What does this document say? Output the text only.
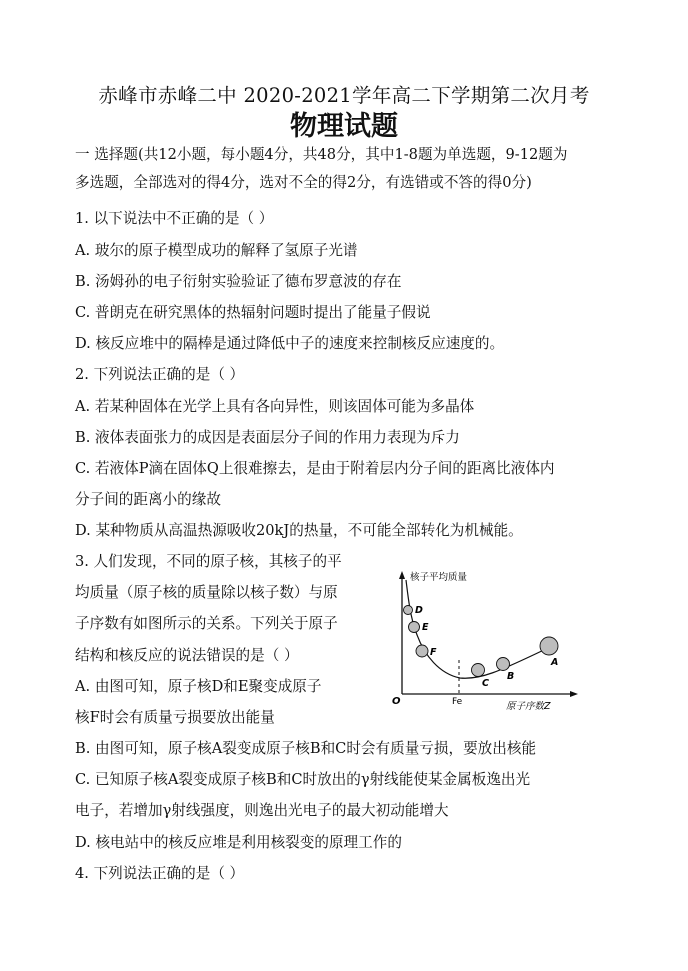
赤峰市赤峰二中 2020-2021学年高二下学期第二次月考
物理试题
一 选择题(共12小题，每小题4分，共48分，其中1-8题为单选题，9-12题为
多选题，全部选对的得4分，选对不全的得2分，有选错或不答的得0分)
1. 以下说法中不正确的是（ ）
A. 玻尔的原子模型成功的解释了氢原子光谱
B. 汤姆孙的电子衍射实验验证了德布罗意波的存在
C. 普朗克在研究黑体的热辐射问题时提出了能量子假说
D. 核反应堆中的隔棒是通过降低中子的速度来控制核反应速度的。
2. 下列说法正确的是（ ）
A. 若某种固体在光学上具有各向异性，则该固体可能为多晶体
B. 液体表面张力的成因是表面层分子间的作用力表现为斥力
C. 若液体P滴在固体Q上很难擦去，是由于附着层内分子间的距离比液体内
分子间的距离小的缘故
D. 某种物质从高温热源吸收20kJ的热量，不可能全部转化为机械能。
3. 人们发现，不同的原子核，其核子的平
均质量（原子核的质量除以核子数）与原
子序数有如图所示的关系。下列关于原子
结构和核反应的说法错误的是（ ）
A. 由图可知，原子核D和E聚变成原子
核F时会有质量亏损要放出能量
B. 由图可知，原子核A裂变成原子核B和C时会有质量亏损，要放出核能
C. 已知原子核A裂变成原子核B和C时放出的γ射线能使某金属板逸出光
电子，若增加γ射线强度，则逸出光电子的最大初动能增大
D. 核电站中的核反应堆是利用核裂变的原理工作的
4. 下列说法正确的是（ ）
核子平均质量
原子序数Z
O	Fe
D
E
F
C
B
A
